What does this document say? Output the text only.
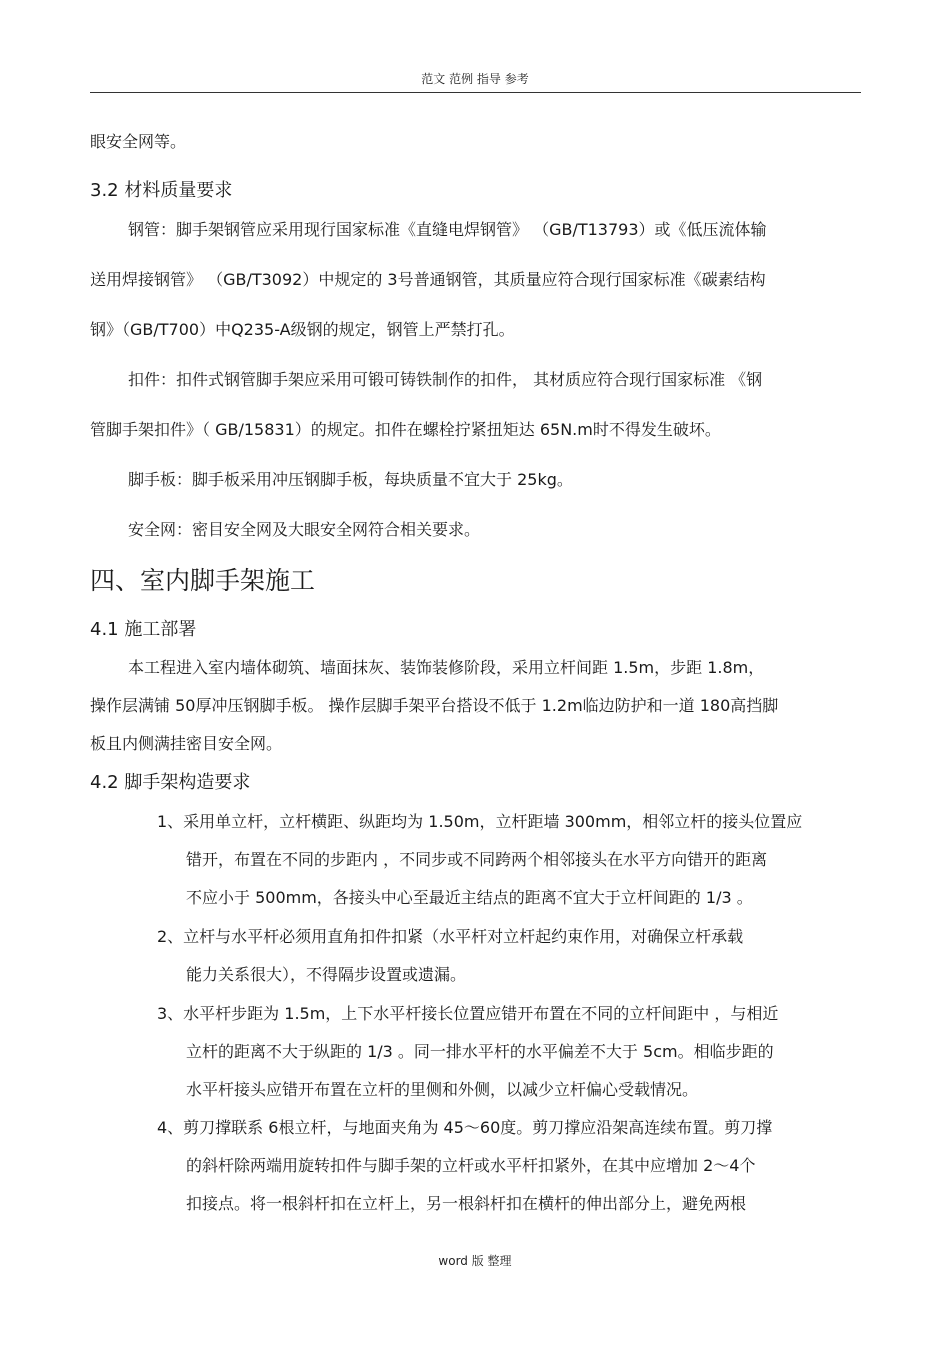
范文 范例 指导 参考
眼安全网等。
3.2 材料质量要求
钢管：脚手架钢管应采用现行国家标准《直缝电焊钢管》 （GB/T13793）或《低压流体输
送用焊接钢管》 （GB/T3092）中规定的 3号普通钢管，其质量应符合现行国家标准《碳素结构
钢》（GB/T700）中Q235-A级钢的规定，钢管上严禁打孔。
扣件：扣件式钢管脚手架应采用可锻可铸铁制作的扣件， 其材质应符合现行国家标准 《钢
管脚手架扣件》（ GB/15831）的规定。扣件在螺栓拧紧扭矩达 65N.m时不得发生破坏。
脚手板：脚手板采用冲压钢脚手板，每块质量不宜大于 25kg。
安全网：密目安全网及大眼安全网符合相关要求。
四、室内脚手架施工
4.1 施工部署
本工程进入室内墙体砌筑、墙面抹灰、装饰装修阶段，采用立杆间距 1.5m，步距 1.8m，
操作层满铺 50厚冲压钢脚手板。 操作层脚手架平台搭设不低于 1.2m临边防护和一道 180高挡脚
板且内侧满挂密目安全网。
4.2 脚手架构造要求
1、采用单立杆，立杆横距、纵距均为 1.50m，立杆距墙 300mm，相邻立杆的接头位置应
错开，布置在不同的步距内 ，不同步或不同跨两个相邻接头在水平方向错开的距离
不应小于 500mm，各接头中心至最近主结点的距离不宜大于立杆间距的 1/3 。
2、立杆与水平杆必须用直角扣件扣紧（水平杆对立杆起约束作用，对确保立杆承载
能力关系很大），不得隔步设置或遗漏。
3、水平杆步距为 1.5m，上下水平杆接长位置应错开布置在不同的立杆间距中 ，与相近
立杆的距离不大于纵距的 1/3 。同一排水平杆的水平偏差不大于 5cm。相临步距的
水平杆接头应错开布置在立杆的里侧和外侧，以减少立杆偏心受载情况。
4、剪刀撑联系 6根立杆，与地面夹角为 45～60度。剪刀撑应沿架高连续布置。剪刀撑
的斜杆除两端用旋转扣件与脚手架的立杆或水平杆扣紧外，在其中应增加 2～4个
扣接点。将一根斜杆扣在立杆上，另一根斜杆扣在横杆的伸出部分上，避免两根
word 版 整理
